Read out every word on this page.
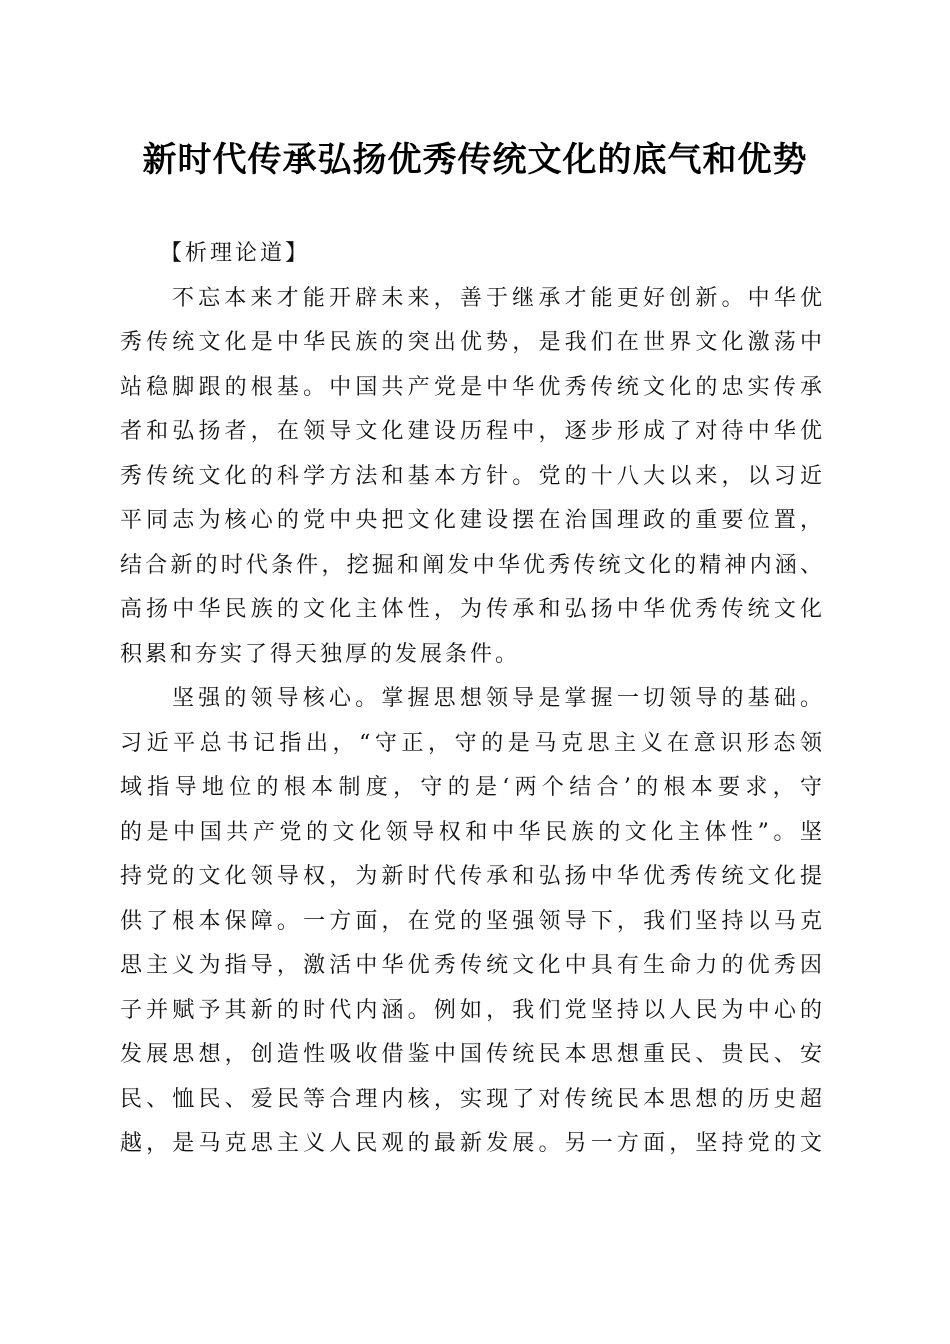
新时代传承弘扬优秀传统文化的底气和优势

【析理论道】

不忘本来才能开辟未来，善于继承才能更好创新。中华优
秀传统文化是中华民族的突出优势，是我们在世界文化激荡中
站稳脚跟的根基。中国共产党是中华优秀传统文化的忠实传承
者和弘扬者，在领导文化建设历程中，逐步形成了对待中华优
秀传统文化的科学方法和基本方针。党的十八大以来，以习近
平同志为核心的党中央把文化建设摆在治国理政的重要位置，
结合新的时代条件，挖掘和阐发中华优秀传统文化的精神内涵、
高扬中华民族的文化主体性，为传承和弘扬中华优秀传统文化
积累和夯实了得天独厚的发展条件。

坚强的领导核心。掌握思想领导是掌握一切领导的基础。
习近平总书记指出，“守正，守的是马克思主义在意识形态领
域指导地位的根本制度，守的是‘两个结合’的根本要求，守
的是中国共产党的文化领导权和中华民族的文化主体性”。坚
持党的文化领导权，为新时代传承和弘扬中华优秀传统文化提
供了根本保障。一方面，在党的坚强领导下，我们坚持以马克
思主义为指导，激活中华优秀传统文化中具有生命力的优秀因
子并赋予其新的时代内涵。例如，我们党坚持以人民为中心的
发展思想，创造性吸收借鉴中国传统民本思想重民、贵民、安
民、恤民、爱民等合理内核，实现了对传统民本思想的历史超
越，是马克思主义人民观的最新发展。另一方面，坚持党的文
